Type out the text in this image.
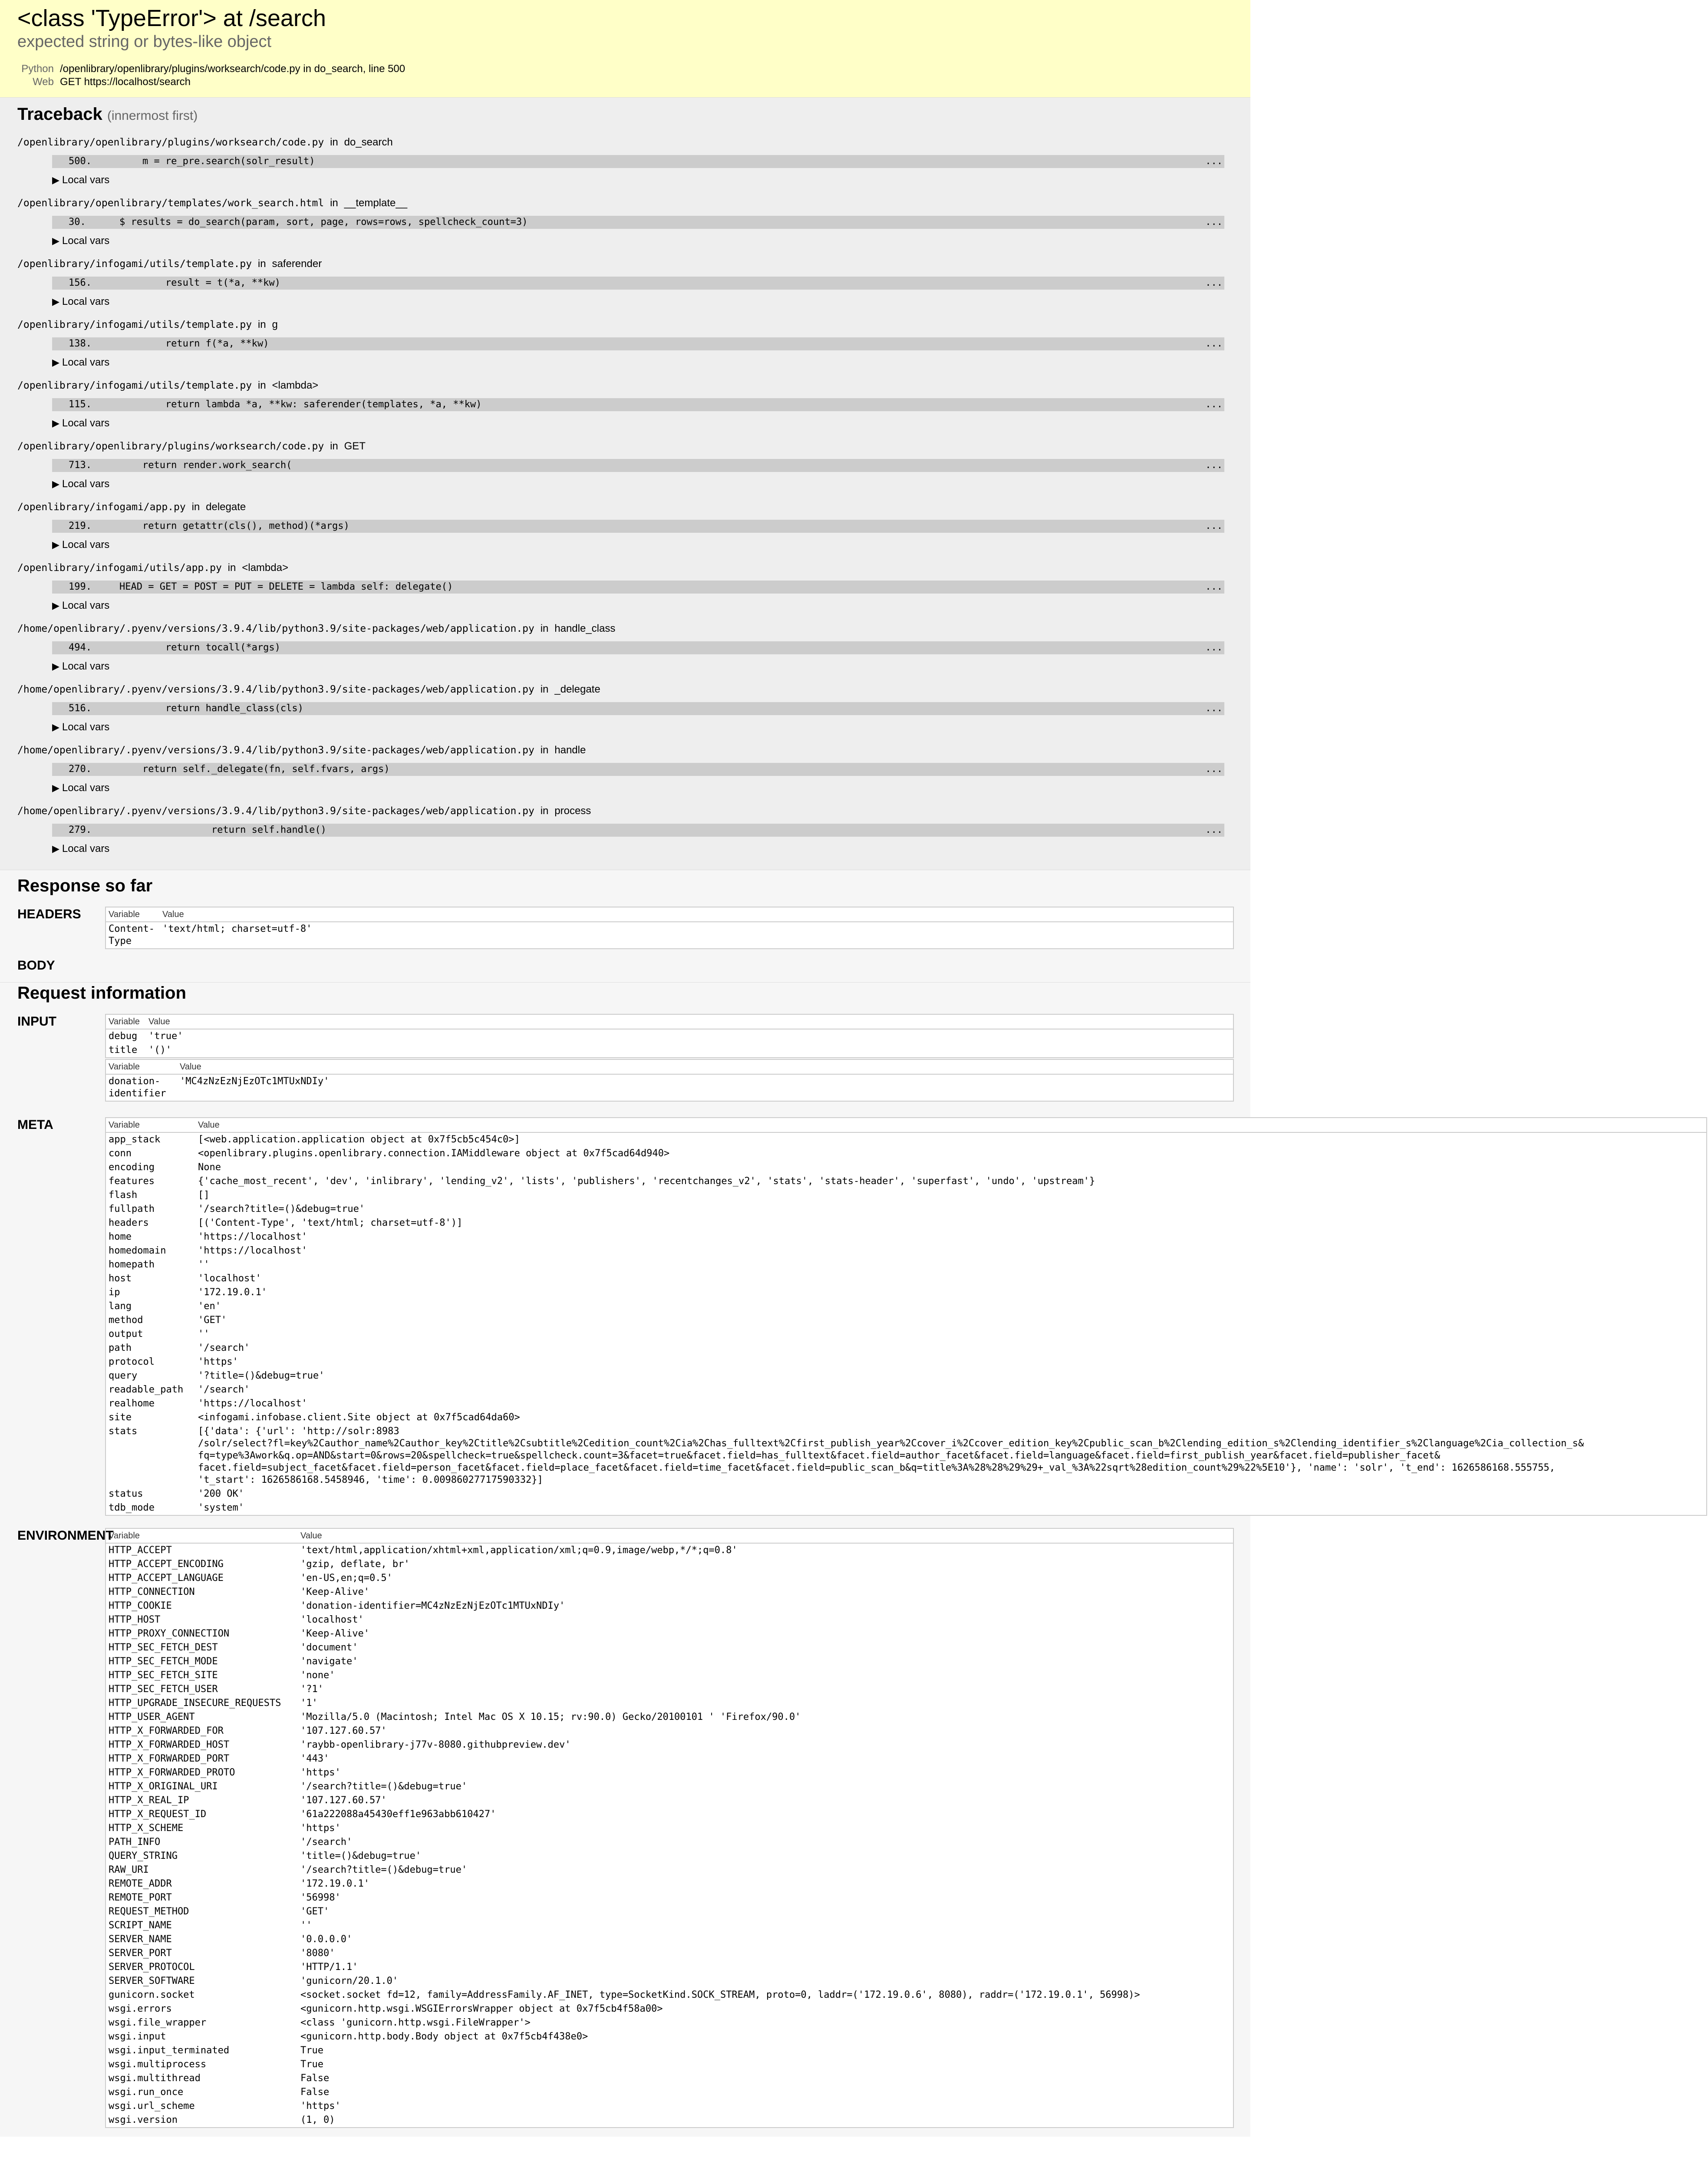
<class 'TypeError'> at /search
expected string or bytes-like object
Python /openlibrary/openlibrary/plugins/worksearch/code.py in do_search, line 500
Web GET https://localhost/search
Traceback (innermost first)
/openlibrary/openlibrary/plugins/worksearch/code.py in do_search
500. m = re_pre.search(solr_result)	...
▶ Local vars
/openlibrary/openlibrary/templates/work_search.html in __template__
30.	$ results = do_search(param, sort, page, rows=rows, spellcheck_count=3)	...
▶ Local vars
/openlibrary/infogami/utils/template.py in saferender
156. result = t(*a, **kw)	...
▶ Local vars
/openlibrary/infogami/utils/template.py in g
138. return f(*a, **kw)	...
▶ Local vars
/openlibrary/infogami/utils/template.py in <lambda>
115. return lambda *a, **kw: saferender(templates, *a, **kw)	...
▶ Local vars
/openlibrary/openlibrary/plugins/worksearch/code.py in GET
713. return render.work_search(	...
▶ Local vars
/openlibrary/infogami/app.py in delegate
219. return getattr(cls(), method)(*args)	...
▶ Local vars
/openlibrary/infogami/utils/app.py in <lambda>
199. HEAD = GET = POST = PUT = DELETE = lambda self: delegate()	...
▶ Local vars
/home/openlibrary/.pyenv/versions/3.9.4/lib/python3.9/site-packages/web/application.py in handle_class
494. return tocall(*args)	...
▶ Local vars
/home/openlibrary/.pyenv/versions/3.9.4/lib/python3.9/site-packages/web/application.py in _delegate
516. return handle_class(cls)	...
▶ Local vars
/home/openlibrary/.pyenv/versions/3.9.4/lib/python3.9/site-packages/web/application.py in handle
270. return self._delegate(fn, self.fvars, args)	...
▶ Local vars
/home/openlibrary/.pyenv/versions/3.9.4/lib/python3.9/site-packages/web/application.py in process
279. return self.handle()	...
▶ Local vars
Response so far
HEADERS	Variable	Value
Content-
Type	'text/html; charset=utf-8'
BODY
Request information
INPUT	Variable	Value
debug	'true'
title	'()'
Variable	Value
donation-
identifier	'MC4zNzEzNjEzOTc1MTUxNDIy'
META	Variable	Value
app_stack	[<web.application.application object at 0x7f5cb5c454c0>]
conn	<openlibrary.plugins.openlibrary.connection.IAMiddleware object at 0x7f5cad64d940>
encoding	None
features	{'cache_most_recent', 'dev', 'inlibrary', 'lending_v2', 'lists', 'publishers', 'recentchanges_v2', 'stats', 'stats-header', 'superfast', 'undo', 'upstream'}
flash	[]
fullpath	'/search?title=()&debug=true'
headers	[('Content-Type', 'text/html; charset=utf-8')]
home	'https://localhost'
homedomain	'https://localhost'
homepath	''
host	'localhost'
ip	'172.19.0.1'
lang	'en'
method	'GET'
output	''
path	'/search'
protocol	'https'
query	'?title=()&debug=true'
readable_path	'/search'
realhome	'https://localhost'
site	<infogami.infobase.client.Site object at 0x7f5cad64da60>
stats	[{'data': {'url': 'http://solr:8983
/solr/select?fl=key%2Cauthor_name%2Cauthor_key%2Ctitle%2Csubtitle%2Cedition_count%2Cia%2Chas_fulltext%2Cfirst_publish_year%2Ccover_i%2Ccover_edition_key%2Cpublic_scan_b%2Clending_edition_s%2Clending_identifier_s%2Clanguage%2Cia_collection_s&
fq=type%3Awork&q.op=AND&start=0&rows=20&spellcheck=true&spellcheck.count=3&facet=true&facet.field=has_fulltext&facet.field=author_facet&facet.field=language&facet.field=first_publish_year&facet.field=publisher_facet&
facet.field=subject_facet&facet.field=person_facet&facet.field=place_facet&facet.field=time_facet&facet.field=public_scan_b&q=title%3A%28%28%29%29+_val_%3A%22sqrt%28edition_count%29%22%5E10'}, 'name': 'solr', 't_end': 1626586168.555755,
't_start': 1626586168.5458946, 'time': 0.00986027717590332}]
status	'200 OK'
tdb_mode	'system'
ENVIRONMENT
Variable	Value
HTTP_ACCEPT	'text/html,application/xhtml+xml,application/xml;q=0.9,image/webp,*/*;q=0.8'
HTTP_ACCEPT_ENCODING	'gzip, deflate, br'
HTTP_ACCEPT_LANGUAGE	'en-US,en;q=0.5'
HTTP_CONNECTION	'Keep-Alive'
HTTP_COOKIE	'donation-identifier=MC4zNzEzNjEzOTc1MTUxNDIy'
HTTP_HOST	'localhost'
HTTP_PROXY_CONNECTION	'Keep-Alive'
HTTP_SEC_FETCH_DEST	'document'
HTTP_SEC_FETCH_MODE	'navigate'
HTTP_SEC_FETCH_SITE	'none'
HTTP_SEC_FETCH_USER	'?1'
HTTP_UPGRADE_INSECURE_REQUESTS	'1'
HTTP_USER_AGENT	'Mozilla/5.0 (Macintosh; Intel Mac OS X 10.15; rv:90.0) Gecko/20100101 ' 'Firefox/90.0'
HTTP_X_FORWARDED_FOR	'107.127.60.57'
HTTP_X_FORWARDED_HOST	'raybb-openlibrary-j77v-8080.githubpreview.dev'
HTTP_X_FORWARDED_PORT	'443'
HTTP_X_FORWARDED_PROTO	'https'
HTTP_X_ORIGINAL_URI	'/search?title=()&debug=true'
HTTP_X_REAL_IP	'107.127.60.57'
HTTP_X_REQUEST_ID	'61a222088a45430eff1e963abb610427'
HTTP_X_SCHEME	'https'
PATH_INFO	'/search'
QUERY_STRING	'title=()&debug=true'
RAW_URI	'/search?title=()&debug=true'
REMOTE_ADDR	'172.19.0.1'
REMOTE_PORT	'56998'
REQUEST_METHOD	'GET'
SCRIPT_NAME	''
SERVER_NAME	'0.0.0.0'
SERVER_PORT	'8080'
SERVER_PROTOCOL	'HTTP/1.1'
SERVER_SOFTWARE	'gunicorn/20.1.0'
gunicorn.socket	<socket.socket fd=12, family=AddressFamily.AF_INET, type=SocketKind.SOCK_STREAM, proto=0, laddr=('172.19.0.6', 8080), raddr=('172.19.0.1', 56998)>
wsgi.errors	<gunicorn.http.wsgi.WSGIErrorsWrapper object at 0x7f5cb4f58a00>
wsgi.file_wrapper	<class 'gunicorn.http.wsgi.FileWrapper'>
wsgi.input	<gunicorn.http.body.Body object at 0x7f5cb4f438e0>
wsgi.input_terminated	True
wsgi.multiprocess	True
wsgi.multithread	False
wsgi.run_once	False
wsgi.url_scheme	'https'
wsgi.version	(1, 0)
